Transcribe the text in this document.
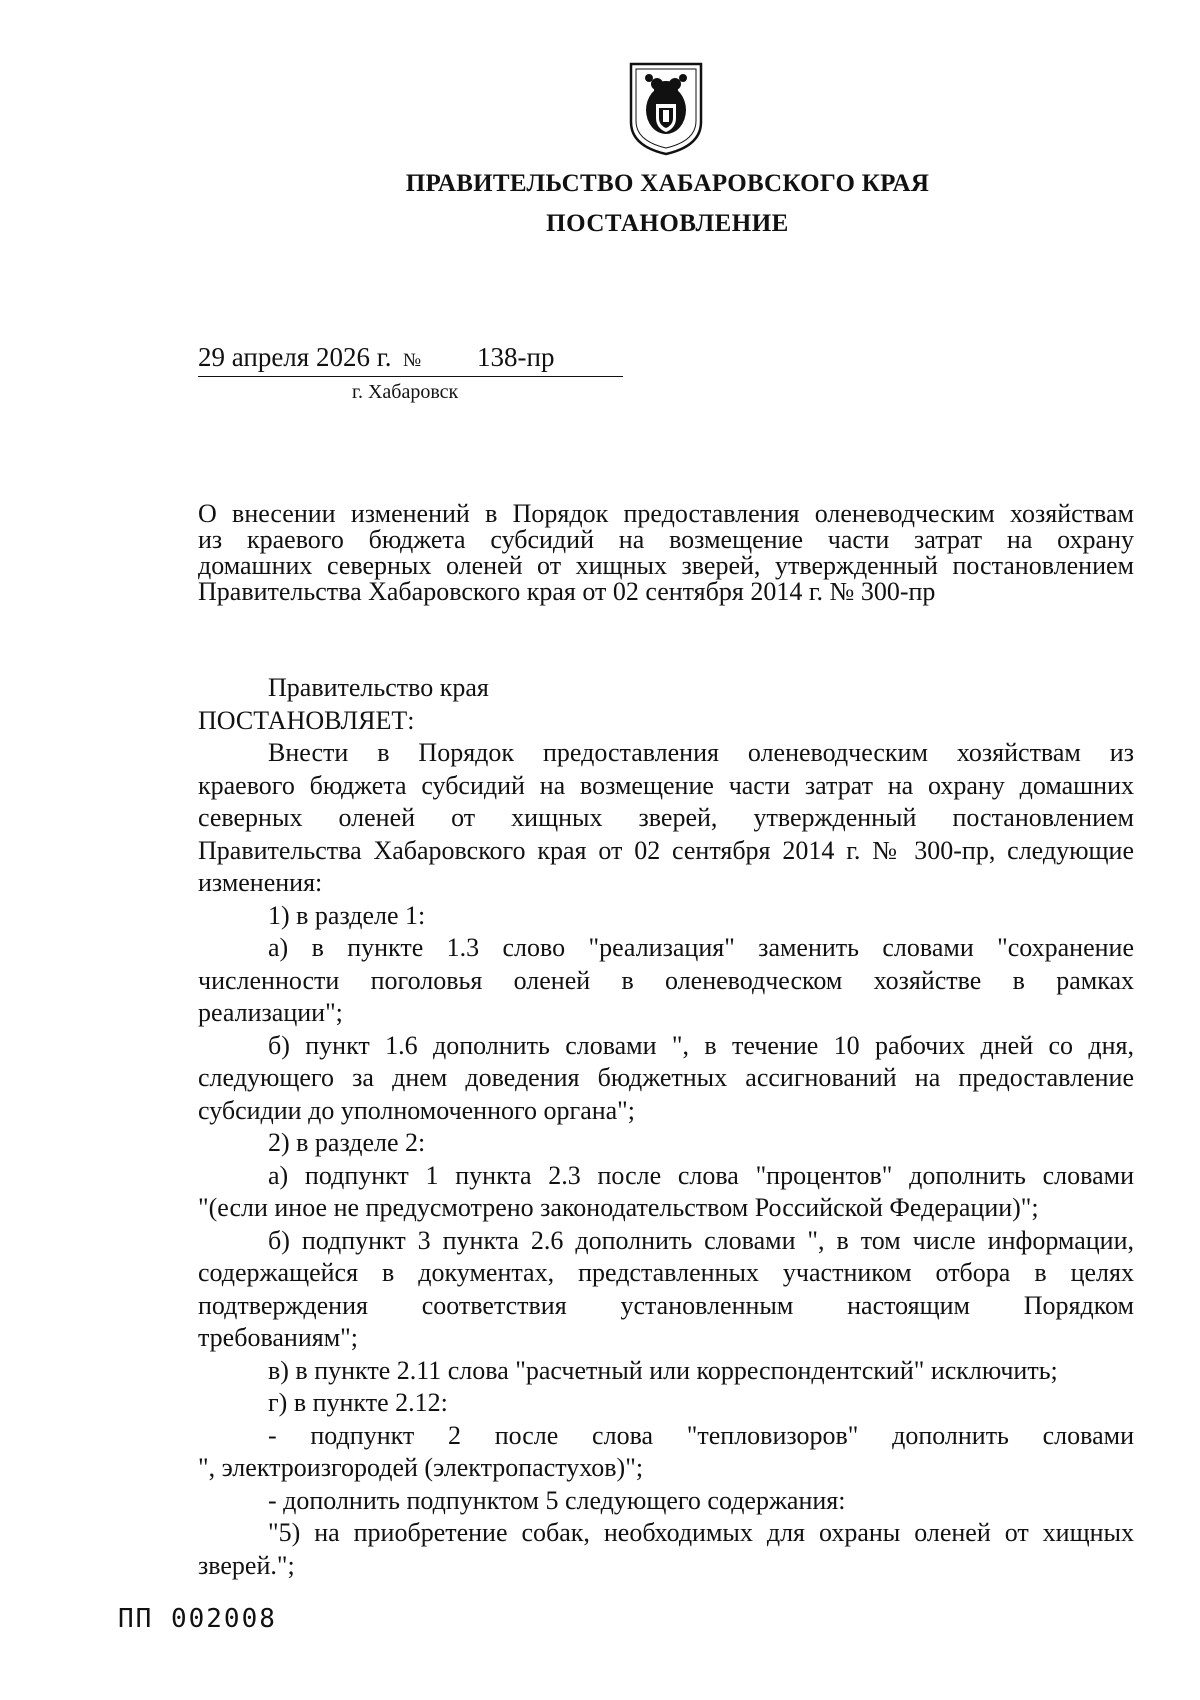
ПРАВИТЕЛЬСТВО ХАБАРОВСКОГО КРАЯ
ПОСТАНОВЛЕНИЕ
29 апреля 2026 г. № 138-пр
г. Хабаровск
О внесении изменений в Порядок предоставления оленеводческим хозяйствам
из краевого бюджета субсидий на возмещение части затрат на охрану
домашних северных оленей от хищных зверей, утвержденный постановлением
Правительства Хабаровского края от 02 сентября 2014 г. № 300-пр
Правительство края
ПОСТАНОВЛЯЕТ:
Внести в Порядок предоставления оленеводческим хозяйствам из
краевого бюджета субсидий на возмещение части затрат на охрану домашних
северных оленей от хищных зверей, утвержденный постановлением
Правительства Хабаровского края от 02 сентября 2014 г. № 300-пр, следующие
изменения:
1) в разделе 1:
а) в пункте 1.3 слово "реализация" заменить словами "сохранение
численности поголовья оленей в оленеводческом хозяйстве в рамках
реализации";
б) пункт 1.6 дополнить словами ", в течение 10 рабочих дней со дня,
следующего за днем доведения бюджетных ассигнований на предоставление
субсидии до уполномоченного органа";
2) в разделе 2:
а) подпункт 1 пункта 2.3 после слова "процентов" дополнить словами
"(если иное не предусмотрено законодательством Российской Федерации)";
б) подпункт 3 пункта 2.6 дополнить словами ", в том числе информации,
содержащейся в документах, представленных участником отбора в целях
подтверждения соответствия установленным настоящим Порядком
требованиям";
в) в пункте 2.11 слова "расчетный или корреспондентский" исключить;
г) в пункте 2.12:
- подпункт 2 после слова "тепловизоров" дополнить словами
", электроизгородей (электропастухов)";
- дополнить подпунктом 5 следующего содержания:
"5) на приобретение собак, необходимых для охраны оленей от хищных
зверей.";
ПП 002008
